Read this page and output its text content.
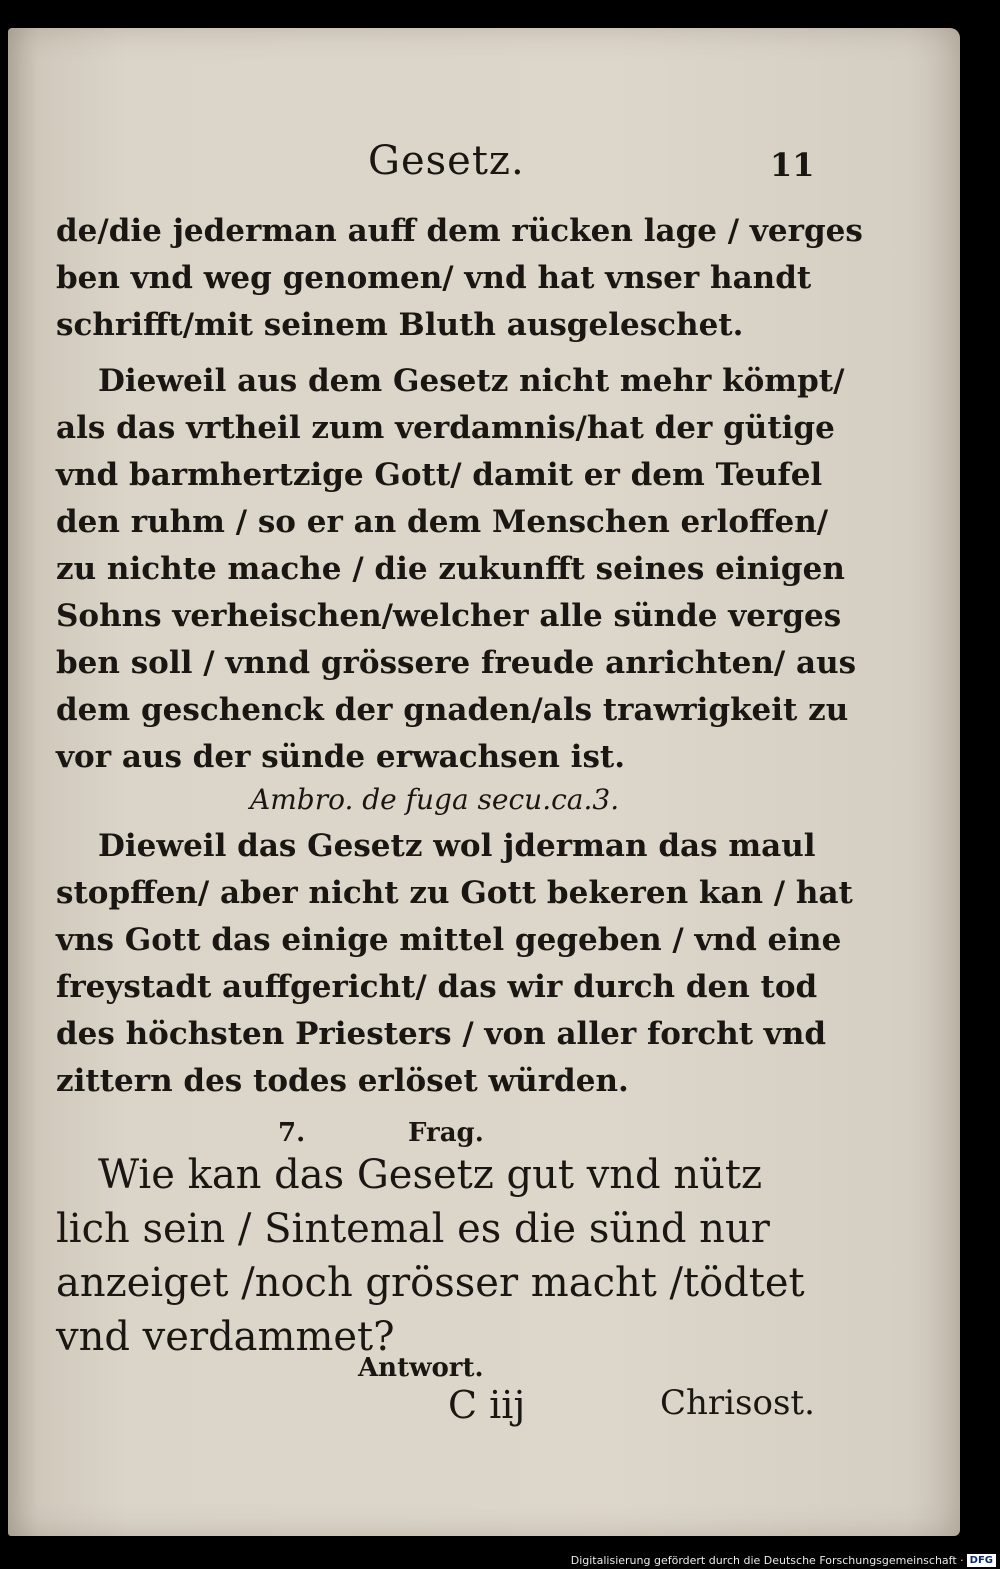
Gesetz.	11
de/die jederman auff dem rücken lage / verges
ben vnd weg genomen/ vnd hat vnser handt
schrifft/mit seinem Bluth ausgeleschet.
Dieweil aus dem Gesetz nicht mehr kömpt/
als das vrtheil zum verdamnis/hat der gütige
vnd barmhertzige Gott/ damit er dem Teufel
den ruhm / so er an dem Menschen erloffen/
zu nichte mache / die zukunfft seines einigen
Sohns verheischen/welcher alle sünde verges
ben soll / vnnd grössere freude anrichten/ aus
dem geschenck der gnaden/als trawrigkeit zu
vor aus der sünde erwachsen ist.
Ambro. de fuga secu.ca.3.
Dieweil das Gesetz wol jderman das maul
stopffen/ aber nicht zu Gott bekeren kan / hat
vns Gott das einige mittel gegeben / vnd eine
freystadt auffgericht/ das wir durch den tod
des höchsten Priesters / von aller forcht vnd
zittern des todes erlöset würden.
7.	Frag.
Wie kan das Gesetz gut vnd nütz
lich sein / Sintemal es die sünd nur
anzeiget /noch grösser macht /tödtet
vnd verdammet?
Antwort.
C iij	Chrisost.
Digitalisierung gefördert durch die Deutsche Forschungsgemeinschaft · DFG
